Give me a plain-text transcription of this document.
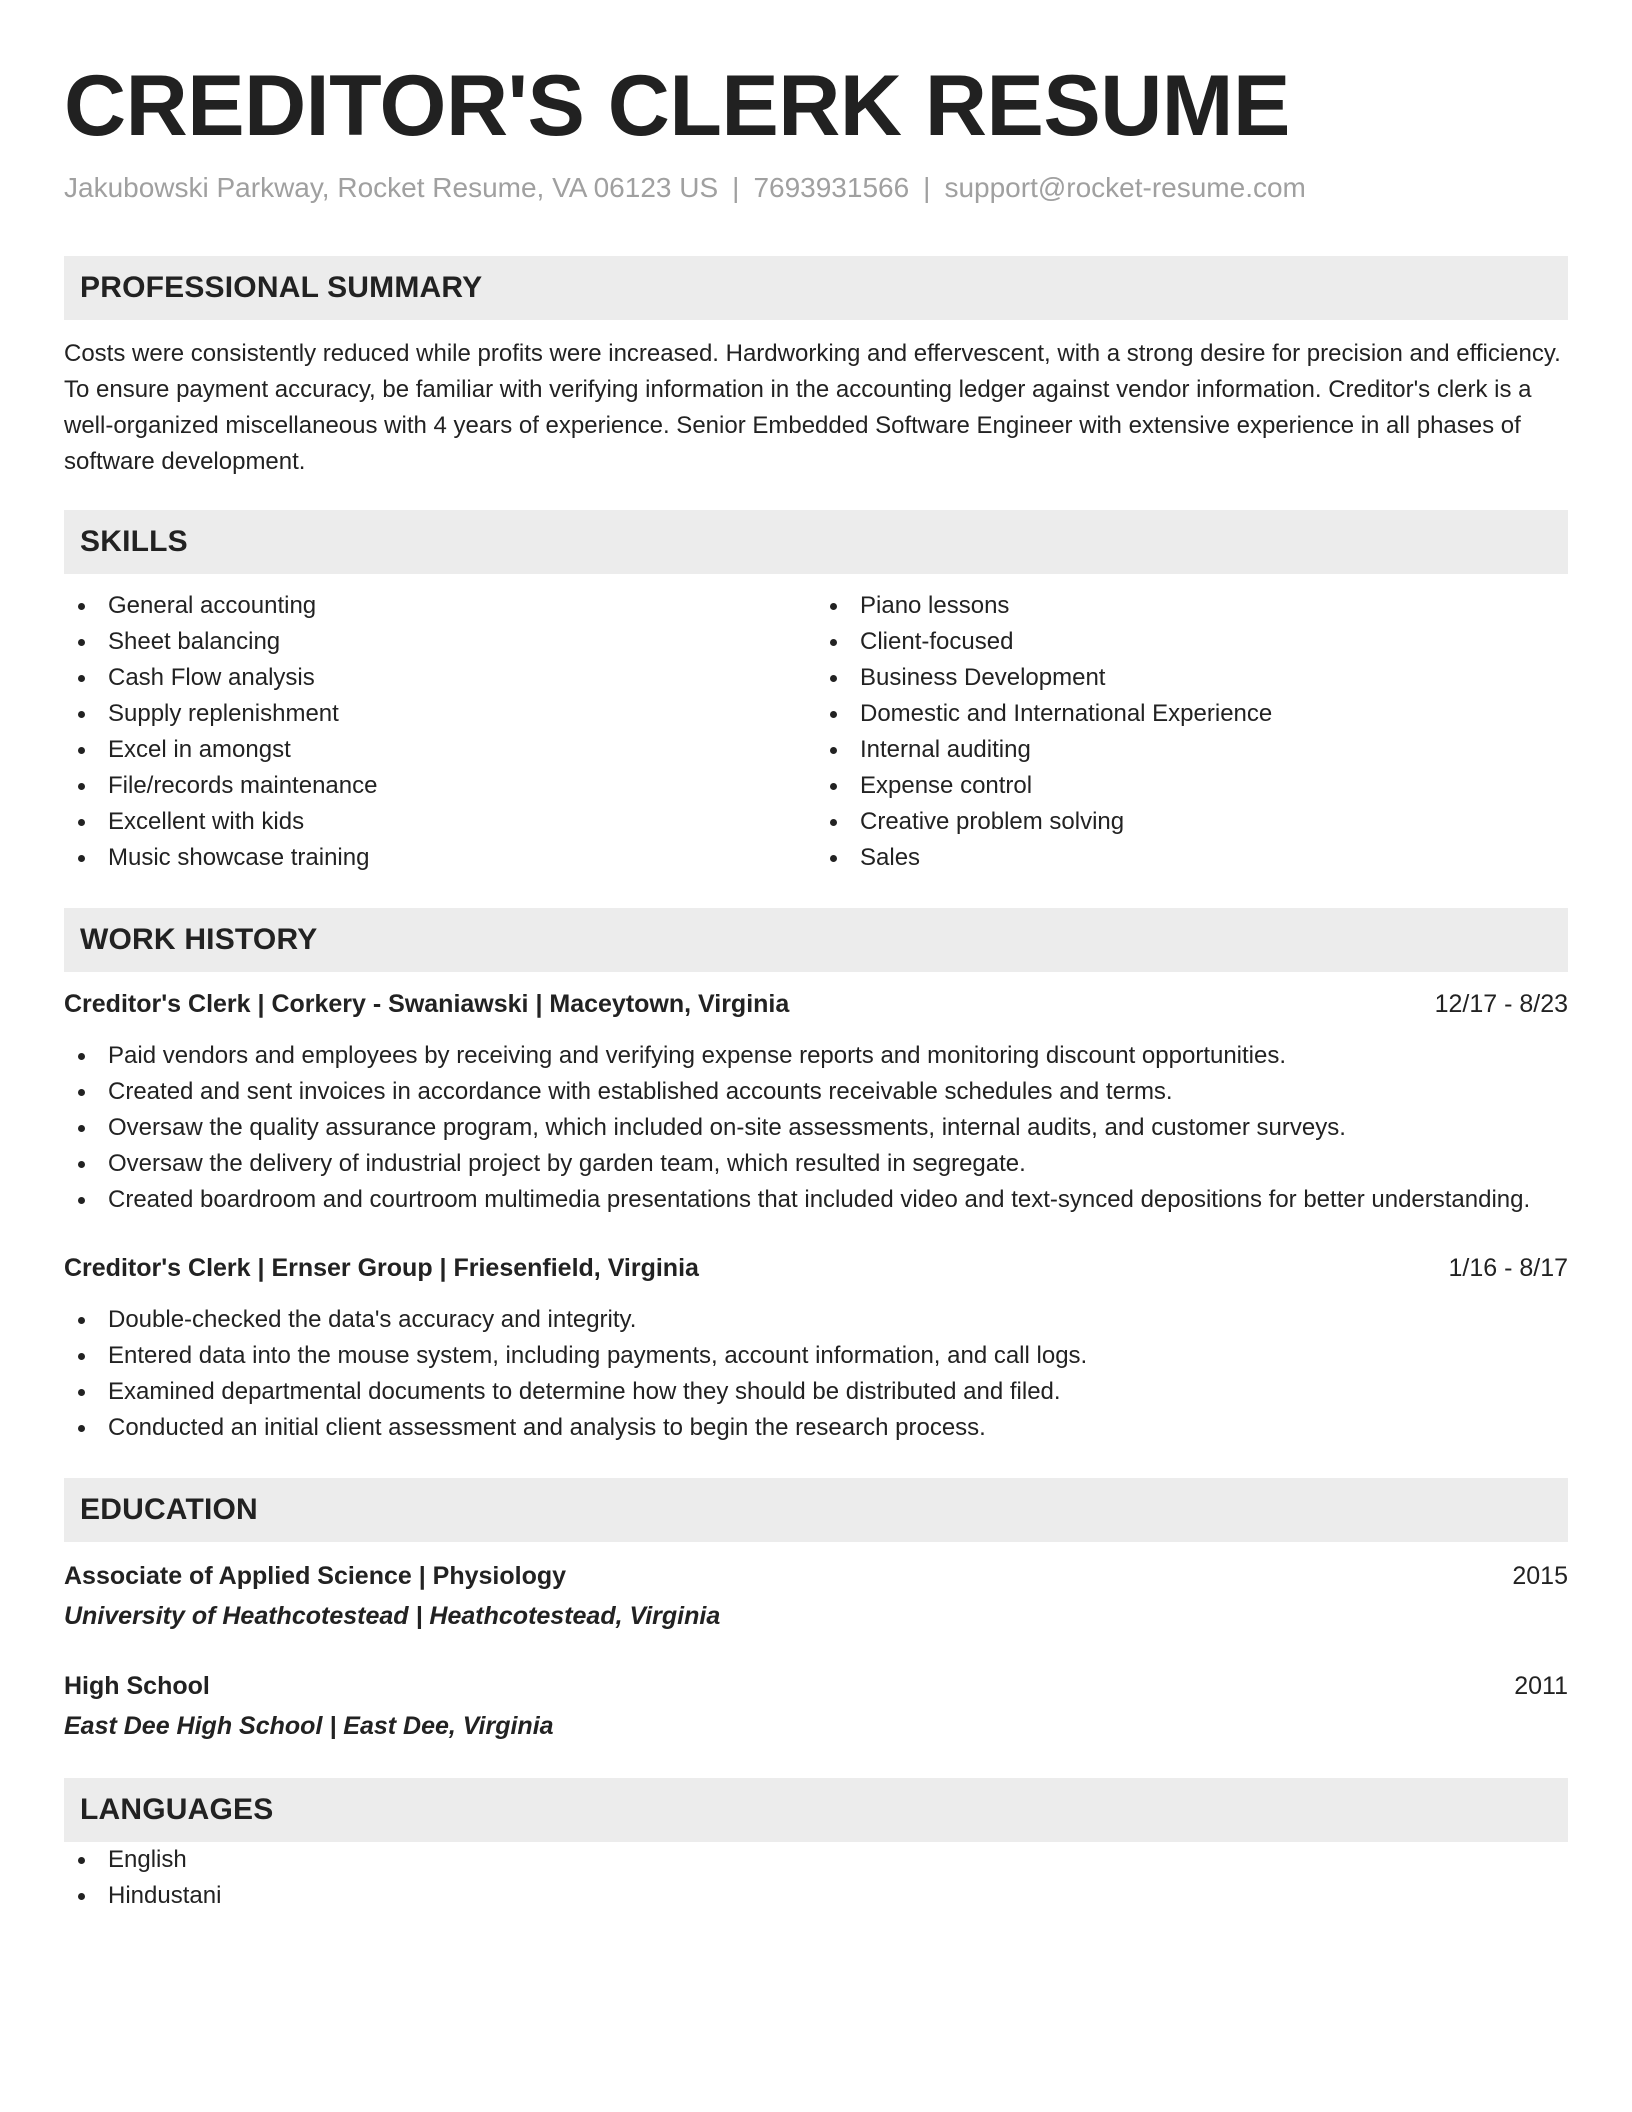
CREDITOR'S CLERK RESUME
Jakubowski Parkway, Rocket Resume, VA 06123 US | 7693931566 | support@rocket-resume.com
PROFESSIONAL SUMMARY

Costs were consistently reduced while profits were increased. Hardworking and effervescent, with a strong desire for precision and efficiency. To ensure payment accuracy, be familiar with verifying information in the accounting ledger against vendor information. Creditor's clerk is a well-organized miscellaneous with 4 years of experience. Senior Embedded Software Engineer with extensive experience in all phases of software development.

SKILLS
General accounting
Sheet balancing
Cash Flow analysis
Supply replenishment
Excel in amongst
File/records maintenance
Excellent with kids
Music showcase training
Piano lessons
Client-focused
Business Development
Domestic and International Experience
Internal auditing
Expense control
Creative problem solving
Sales
WORK HISTORY
Creditor's Clerk | Corkery - Swaniawski | Maceytown, Virginia	12/17 - 8/23
Paid vendors and employees by receiving and verifying expense reports and monitoring discount opportunities.
Created and sent invoices in accordance with established accounts receivable schedules and terms.
Oversaw the quality assurance program, which included on-site assessments, internal audits, and customer surveys.
Oversaw the delivery of industrial project by garden team, which resulted in segregate.
Created boardroom and courtroom multimedia presentations that included video and text-synced depositions for better understanding.
Creditor's Clerk | Ernser Group | Friesenfield, Virginia	1/16 - 8/17
Double-checked the data's accuracy and integrity.
Entered data into the mouse system, including payments, account information, and call logs.
Examined departmental documents to determine how they should be distributed and filed.
Conducted an initial client assessment and analysis to begin the research process.
EDUCATION
Associate of Applied Science | Physiology	2015
University of Heathcotestead | Heathcotestead, Virginia
High School	2011
East Dee High School | East Dee, Virginia
LANGUAGES
English
Hindustani
